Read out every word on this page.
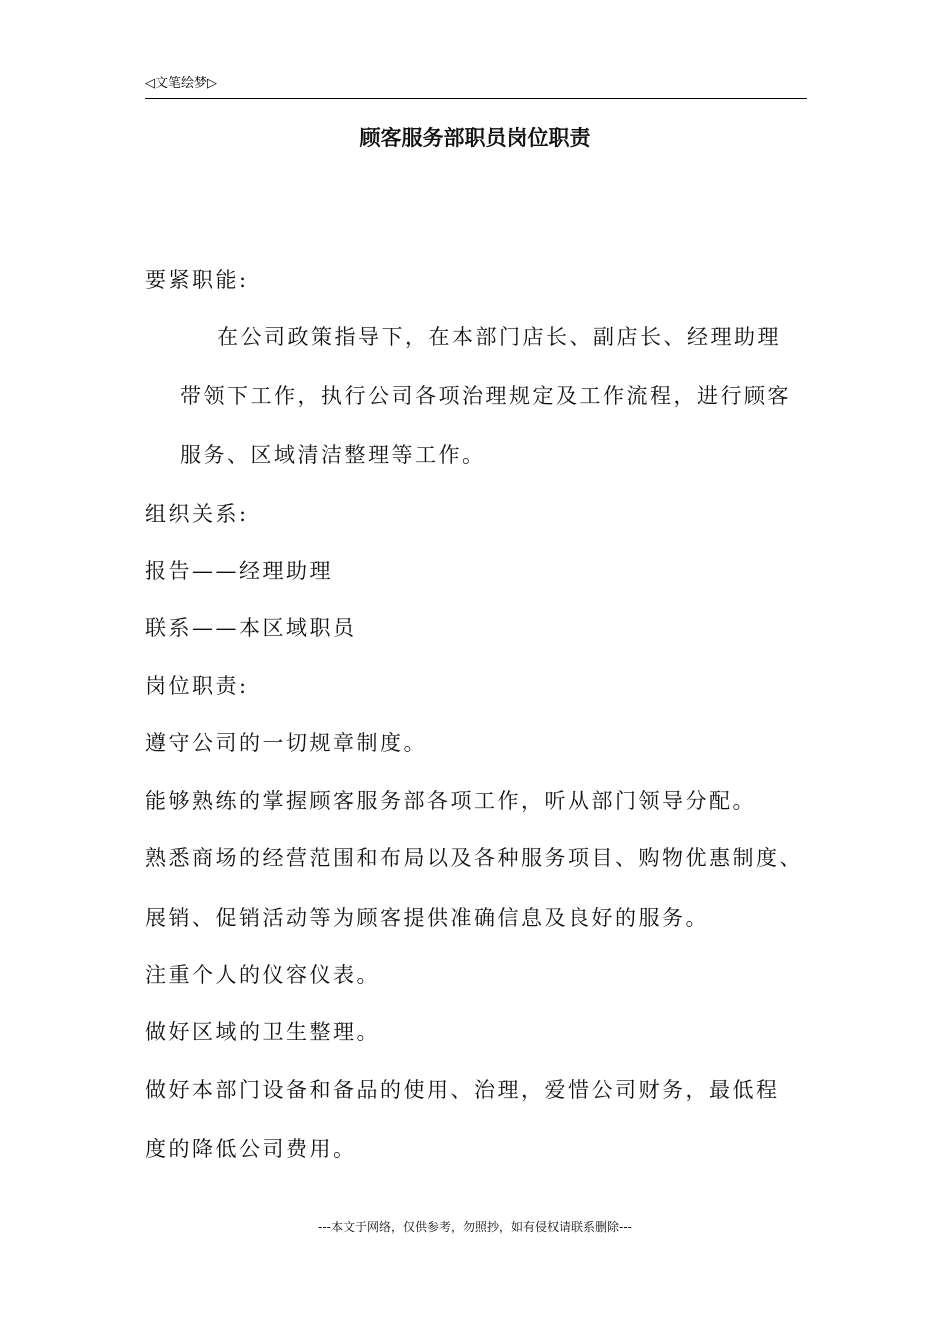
◁文笔绘梦▷
顾客服务部职员岗位职责
要紧职能:
在公司政策指导下，在本部门店长、副店长、经理助理
带领下工作，执行公司各项治理规定及工作流程，进行顾客
服务、区域清洁整理等工作。
组织关系:
报告——经理助理
联系——本区域职员
岗位职责:
遵守公司的一切规章制度。
能够熟练的掌握顾客服务部各项工作，听从部门领导分配。
熟悉商场的经营范围和布局以及各种服务项目、购物优惠制度、
展销、促销活动等为顾客提供准确信息及良好的服务。
注重个人的仪容仪表。
做好区域的卫生整理。
做好本部门设备和备品的使用、治理，爱惜公司财务，最低程
度的降低公司费用。
---本文于网络，仅供参考，勿照抄，如有侵权请联系删除---
